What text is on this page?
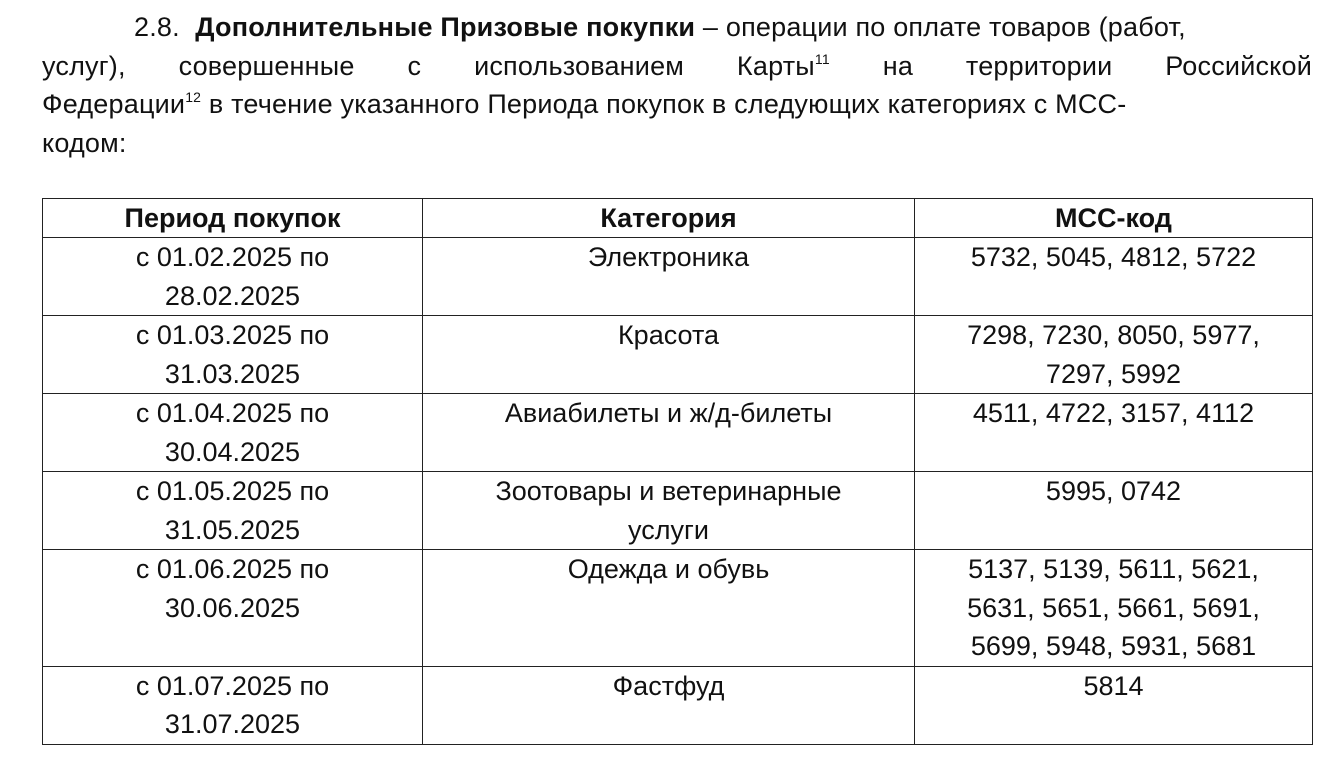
2.8. Дополнительные Призовые покупки – операции по оплате товаров (работ,
услуг), совершенные с использованием Карты$^{11}$ на территории Российской
Федерации$^{12}$ в течение указанного Периода покупок в следующих категориях с MCC-
кодом:
Период покупок	Категория	MCC-код

с 01.02.2025 по
28.02.2025	Электроника	5732, 5045, 4812, 5722

с 01.03.2025 по
31.03.2025	Красота	7298, 7230, 8050, 5977,
7297, 5992

с 01.04.2025 по
30.04.2025	Авиабилеты и ж/д-билеты	4511, 4722, 3157, 4112

с 01.05.2025 по
31.05.2025	Зоотовары и ветеринарные
услуги	5995, 0742

с 01.06.2025 по
30.06.2025	Одежда и обувь	5137, 5139, 5611, 5621,
5631, 5651, 5661, 5691,
5699, 5948, 5931, 5681

с 01.07.2025 по
31.07.2025	Фастфуд	5814
